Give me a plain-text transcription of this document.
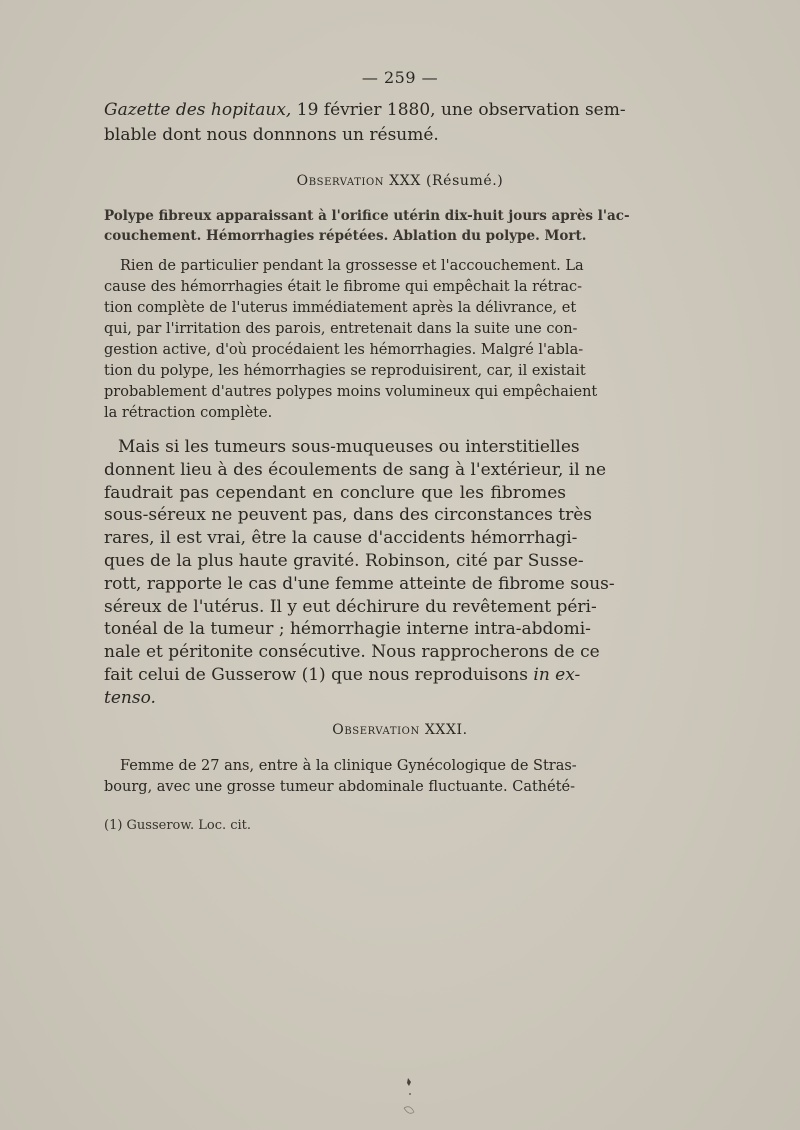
— 259 —
Gazette des hopitaux, 19 février 1880, une observation sem-
blable dont nous donnnons un résumé.
Observation XXX (Résumé.)
Polype fibreux apparaissant à l'orifice utérin dix-huit jours après l'ac-
couchement. Hémorrhagies répétées. Ablation du polype. Mort.
Rien de particulier pendant la grossesse et l'accouchement. La
cause des hémorrhagies était le fibrome qui empêchait la rétrac-
tion complète de l'uterus immédiatement après la délivrance, et
qui, par l'irritation des parois, entretenait dans la suite une con-
gestion active, d'où procédaient les hémorrhagies. Malgré l'abla-
tion du polype, les hémorrhagies se reproduisirent, car, il existait
probablement d'autres polypes moins volumineux qui empêchaient
la rétraction complète.
Mais si les tumeurs sous-muqueuses ou interstitielles
donnent lieu à des écoulements de sang à l'extérieur, il ne
faudrait pas cependant en conclure que les fibromes
sous-séreux ne peuvent pas, dans des circonstances très
rares, il est vrai, être la cause d'accidents hémorrhagi-
ques de la plus haute gravité. Robinson, cité par Susse-
rott, rapporte le cas d'une femme atteinte de fibrome sous-
séreux de l'utérus. Il y eut déchirure du revêtement péri-
tonéal de la tumeur ; hémorrhagie interne intra-abdomi-
nale et péritonite consécutive. Nous rapprocherons de ce
fait celui de Gusserow (1) que nous reproduisons in ex-
tenso.
Observation XXXI.
Femme de 27 ans, entre à la clinique Gynécologique de Stras-
bourg, avec une grosse tumeur abdominale fluctuante. Cathété-
(1) Gusserow. Loc. cit.
